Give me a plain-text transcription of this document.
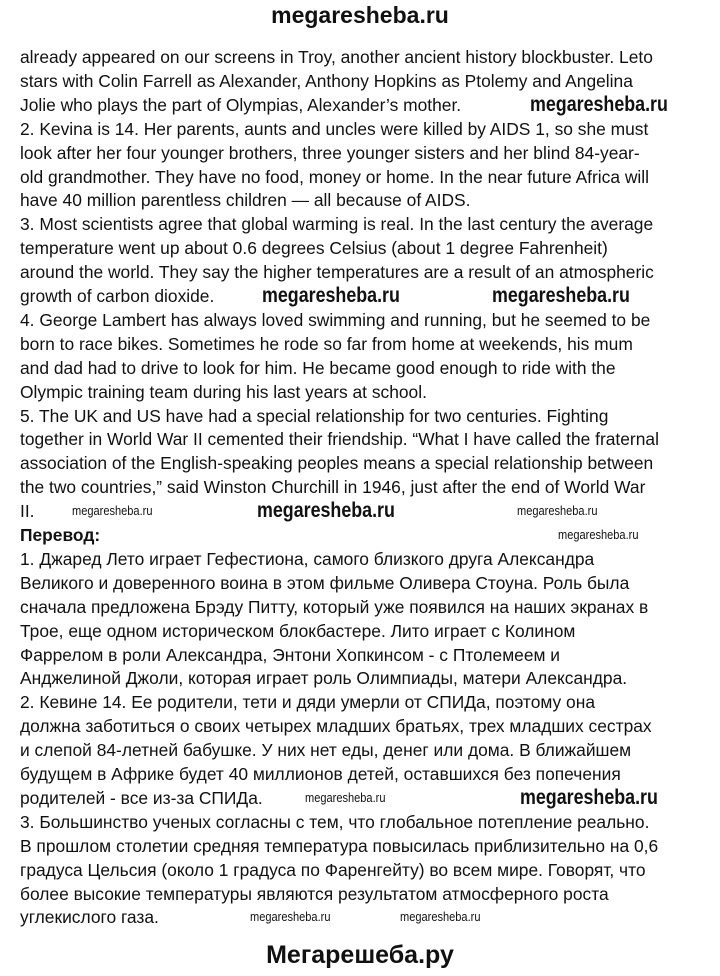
megaresheba.ru
already appeared on our screens in Troy, another ancient history blockbuster. Leto
stars with Colin Farrell as Alexander, Anthony Hopkins as Ptolemy and Angelina
Jolie who plays the part of Olympias, Alexander’s mother.
2. Kevina is 14. Her parents, aunts and uncles were killed by AIDS 1, so she must
look after her four younger brothers, three younger sisters and her blind 84-year-
old grandmother. They have no food, money or home. In the near future Africa will
have 40 million parentless children — all because of AIDS.
3. Most scientists agree that global warming is real. In the last century the average
temperature went up about 0.6 degrees Celsius (about 1 degree Fahrenheit)
around the world. They say the higher temperatures are a result of an atmospheric
growth of carbon dioxide.
4. George Lambert has always loved swimming and running, but he seemed to be
born to race bikes. Sometimes he rode so far from home at weekends, his mum
and dad had to drive to look for him. He became good enough to ride with the
Olympic training team during his last years at school.
5. The UK and US have had a special relationship for two centuries. Fighting
together in World War II cemented their friendship. “What I have called the fraternal
association of the English-speaking peoples means a special relationship between
the two countries,” said Winston Churchill in 1946, just after the end of World War
II.
Перевод:
1. Джаред Лето играет Гефестиона, самого близкого друга Александра
Великого и доверенного воина в этом фильме Оливера Стоуна. Роль была
сначала предложена Брэду Питту, который уже появился на наших экранах в
Трое, еще одном историческом блокбастере. Лито играет с Колином
Фаррелом в роли Александра, Энтони Хопкинсом - с Птолемеем и
Анджелиной Джоли, которая играет роль Олимпиады, матери Александра.
2. Кевине 14. Ее родители, тети и дяди умерли от СПИДа, поэтому она
должна заботиться о своих четырех младших братьях, трех младших сестрах
и слепой 84-летней бабушке. У них нет еды, денег или дома. В ближайшем
будущем в Африке будет 40 миллионов детей, оставшихся без попечения
родителей - все из-за СПИДа.
3. Большинство ученых согласны с тем, что глобальное потепление реально.
В прошлом столетии средняя температура повысилась приблизительно на 0,6
градуса Цельсия (около 1 градуса по Фаренгейту) во всем мире. Говорят, что
более высокие температуры являются результатом атмосферного роста
углекислого газа.
megaresheba.ru
megaresheba.ru	megaresheba.ru
megaresheba.ru	megaresheba.ru	megaresheba.ru
megaresheba.ru
megaresheba.ru	megaresheba.ru
megaresheba.ru	megaresheba.ru
Мегарешеба.ру
